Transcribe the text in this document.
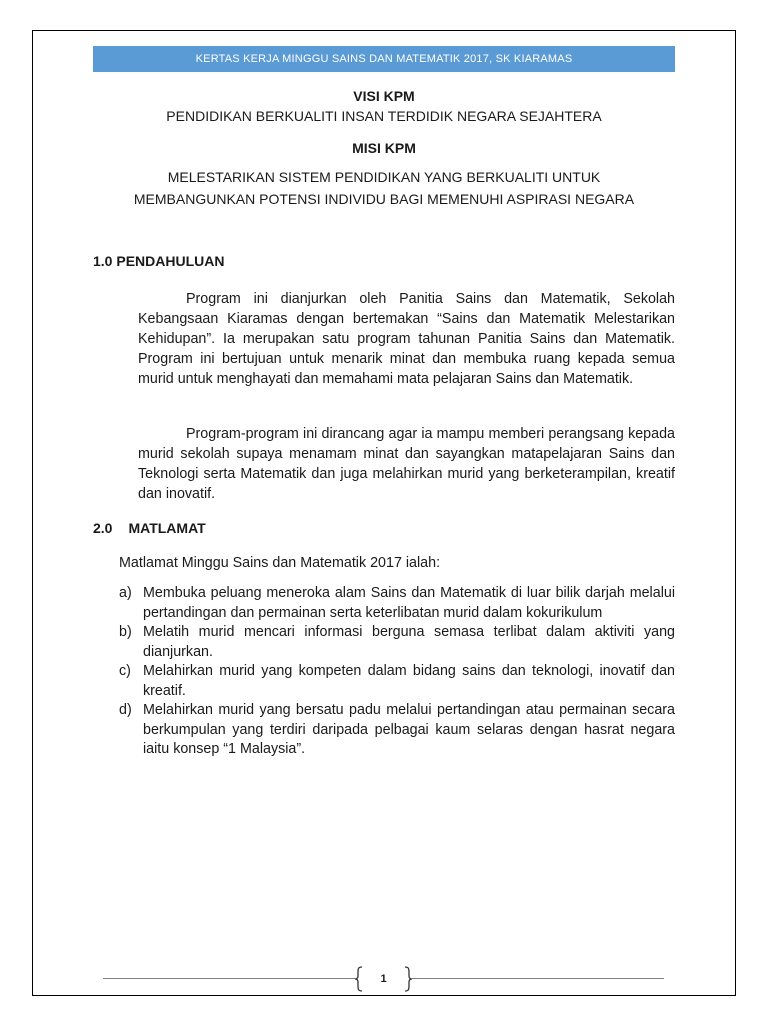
KERTAS KERJA MINGGU SAINS DAN MATEMATIK 2017, SK KIARAMAS
VISI KPM
PENDIDIKAN BERKUALITI INSAN TERDIDIK NEGARA SEJAHTERA
MISI KPM
MELESTARIKAN SISTEM PENDIDIKAN YANG BERKUALITI UNTUK
MEMBANGUNKAN POTENSI INDIVIDU BAGI MEMENUHI ASPIRASI NEGARA
1.0 PENDAHULUAN
Program ini dianjurkan oleh Panitia Sains dan Matematik, Sekolah Kebangsaan Kiaramas dengan bertemakan “Sains dan Matematik Melestarikan Kehidupan”. Ia merupakan satu program tahunan Panitia Sains dan Matematik. Program ini bertujuan untuk menarik minat dan membuka ruang kepada semua murid untuk menghayati dan memahami mata pelajaran Sains dan Matematik.
Program-program ini dirancang agar ia mampu memberi perangsang kepada murid sekolah supaya menamam minat dan sayangkan matapelajaran Sains dan Teknologi serta Matematik dan juga melahirkan murid yang berketerampilan, kreatif dan inovatif.
2.0 MATLAMAT
Matlamat Minggu Sains dan Matematik 2017 ialah:
a) Membuka peluang meneroka alam Sains dan Matematik di luar bilik darjah melalui pertandingan dan permainan serta keterlibatan murid dalam kokurikulum
b) Melatih murid mencari informasi berguna semasa terlibat dalam aktiviti yang dianjurkan.
c) Melahirkan murid yang kompeten dalam bidang sains dan teknologi, inovatif dan kreatif.
d) Melahirkan murid yang bersatu padu melalui pertandingan atau permainan secara berkumpulan yang terdiri daripada pelbagai kaum selaras dengan hasrat negara iaitu konsep “1 Malaysia”.
1
